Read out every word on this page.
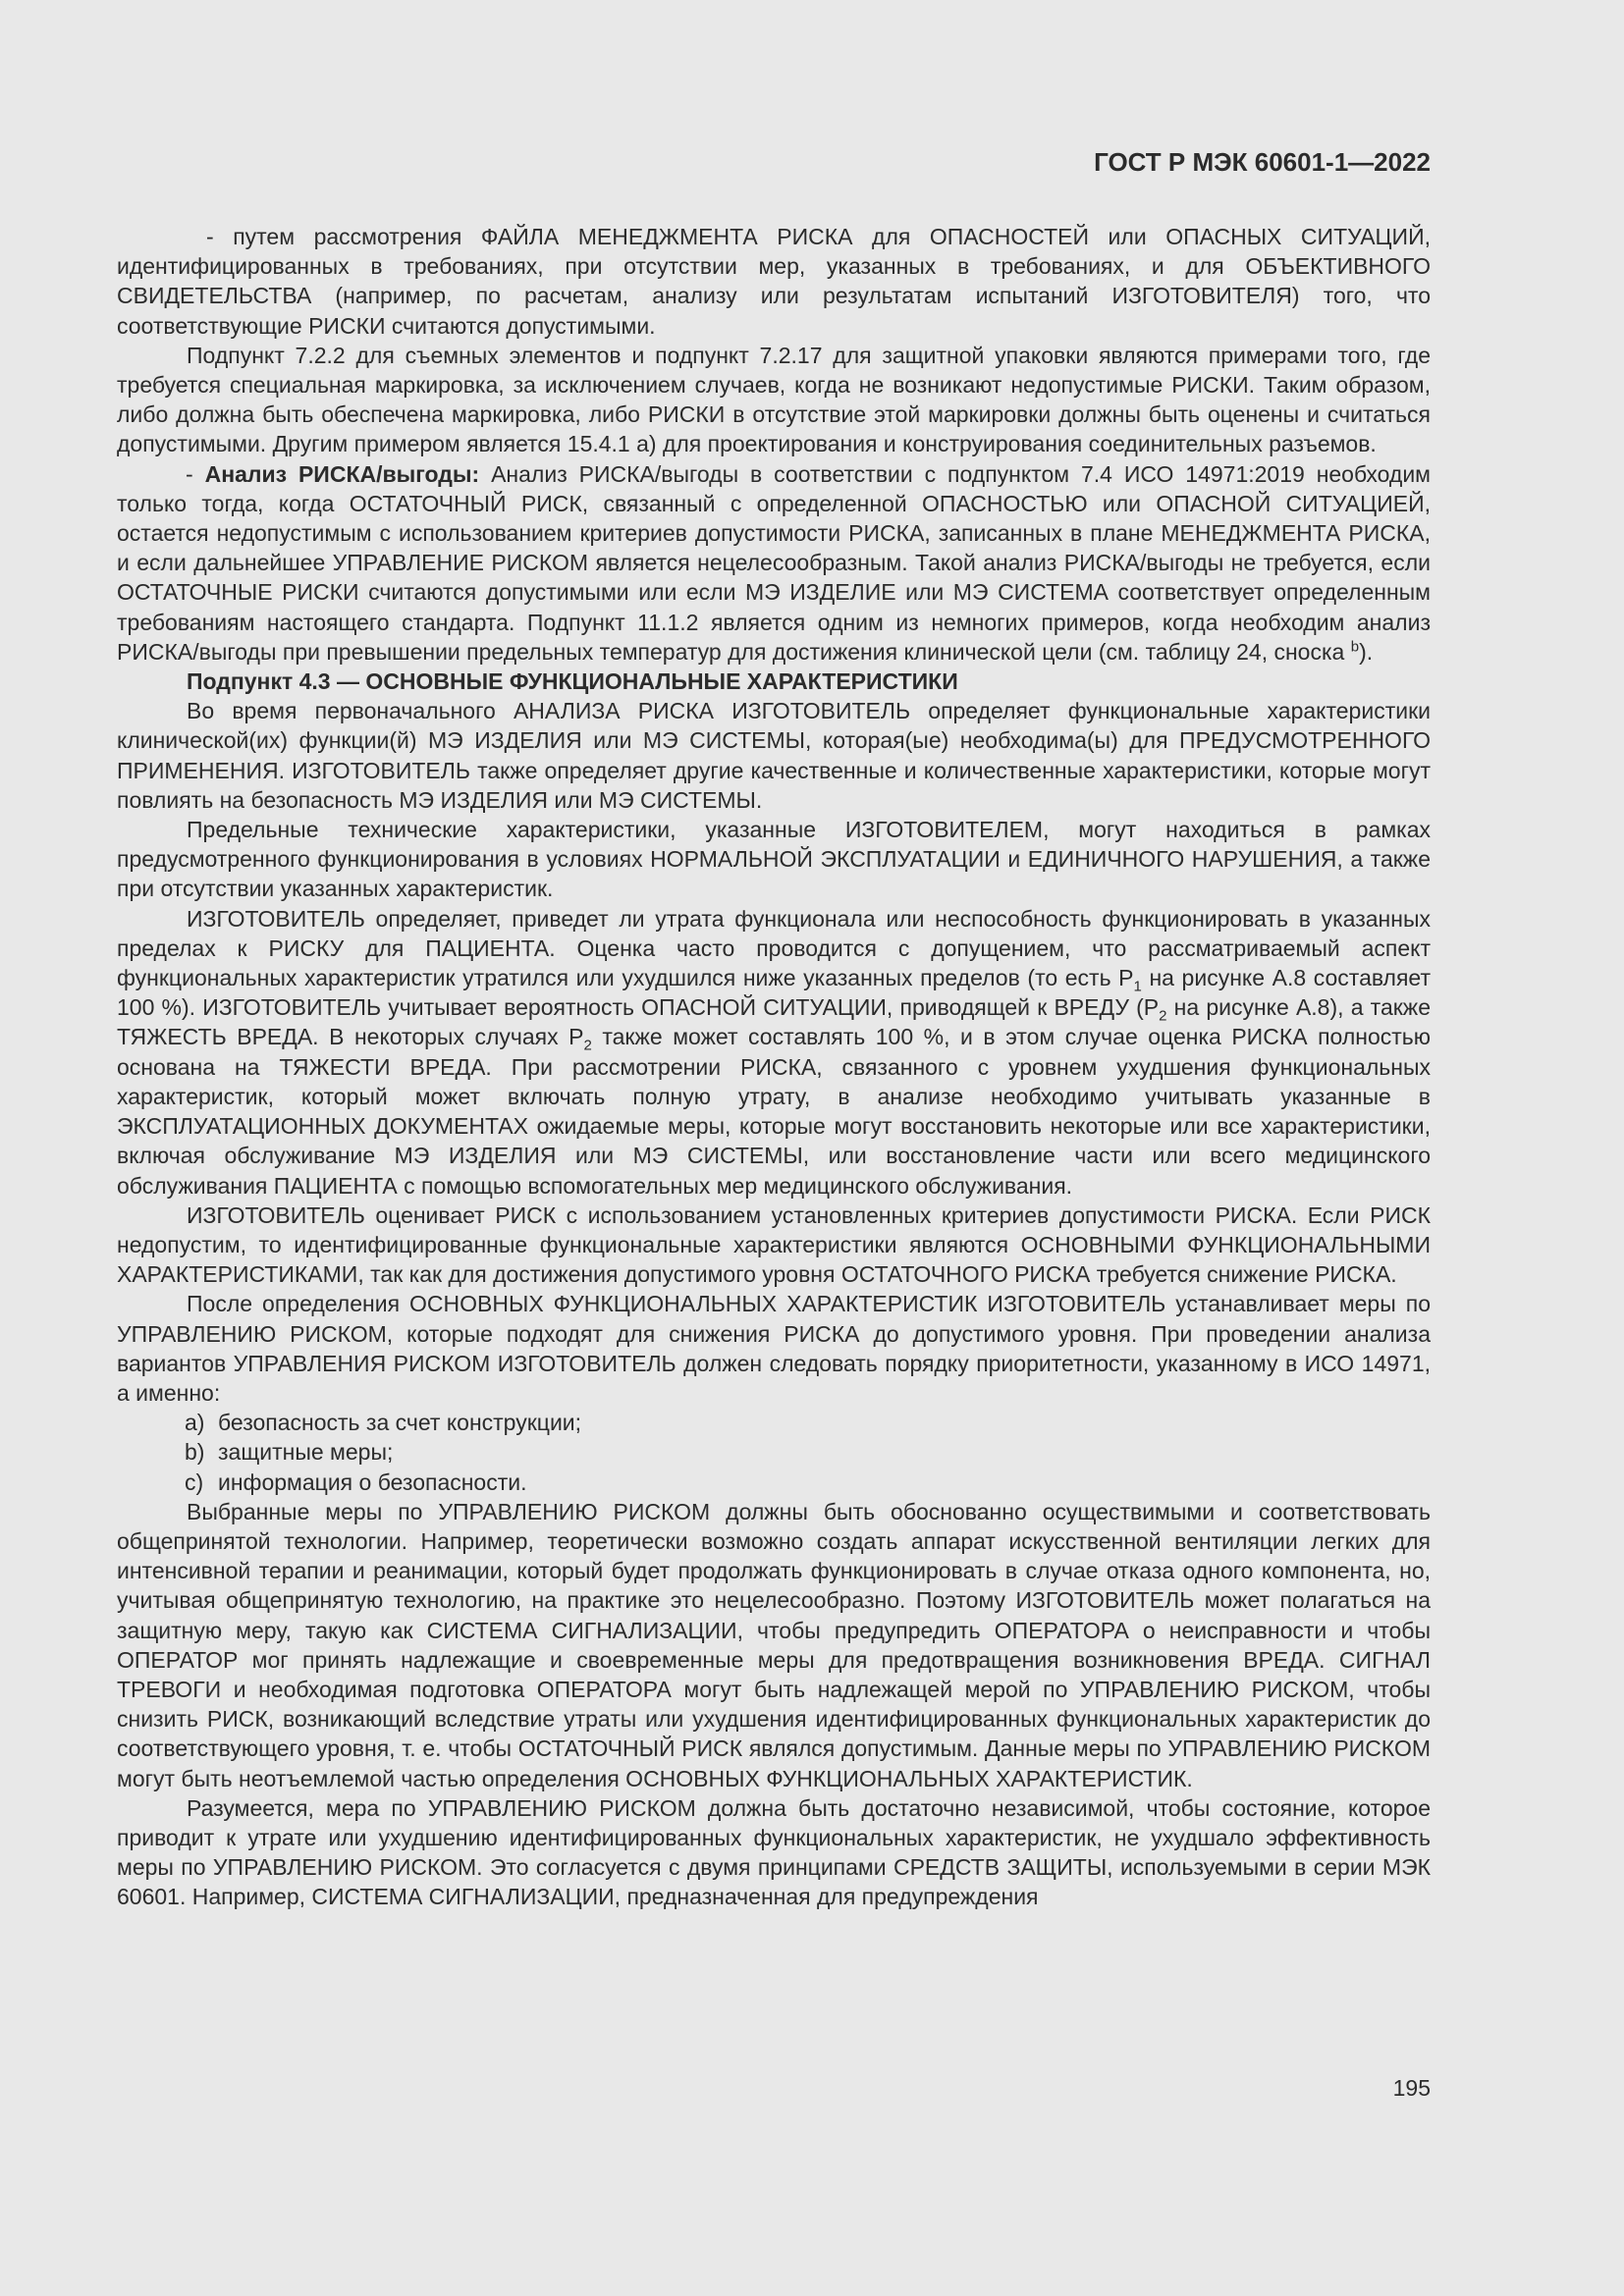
ГОСТ Р МЭК 60601-1—2022

- путем рассмотрения ФАЙЛА МЕНЕДЖМЕНТА РИСКА для ОПАСНОСТЕЙ или ОПАСНЫХ СИТУАЦИЙ, идентифицированных в требованиях, при отсутствии мер, указанных в требованиях, и для ОБЪЕКТИВНОГО СВИДЕТЕЛЬСТВА (например, по расчетам, анализу или результатам испытаний ИЗГОТОВИТЕЛЯ) того, что соответствующие РИСКИ считаются допустимыми.

Подпункт 7.2.2 для съемных элементов и подпункт 7.2.17 для защитной упаковки являются примерами того, где требуется специальная маркировка, за исключением случаев, когда не возникают недопустимые РИСКИ. Таким образом, либо должна быть обеспечена маркировка, либо РИСКИ в отсутствие этой маркировки должны быть оценены и считаться допустимыми. Другим примером является 15.4.1 а) для проектирования и конструирования соединительных разъемов.

- Анализ РИСКА/выгоды: Анализ РИСКА/выгоды в соответствии с подпунктом 7.4 ИСО 14971:2019 необходим только тогда, когда ОСТАТОЧНЫЙ РИСК, связанный с определенной ОПАСНОСТЬЮ или ОПАСНОЙ СИТУАЦИЕЙ, остается недопустимым с использованием критериев допустимости РИСКА, записанных в плане МЕНЕДЖМЕНТА РИСКА, и если дальнейшее УПРАВЛЕНИЕ РИСКОМ является нецелесообразным. Такой анализ РИСКА/выгоды не требуется, если ОСТАТОЧНЫЕ РИСКИ считаются допустимыми или если МЭ ИЗДЕЛИЕ или МЭ СИСТЕМА соответствует определенным требованиям настоящего стандарта. Подпункт 11.1.2 является одним из немногих примеров, когда необходим анализ РИСКА/выгоды при превышении предельных температур для достижения клинической цели (см. таблицу 24, сноска $^b$).

Подпункт 4.3 — ОСНОВНЫЕ ФУНКЦИОНАЛЬНЫЕ ХАРАКТЕРИСТИКИ

Во время первоначального АНАЛИЗА РИСКА ИЗГОТОВИТЕЛЬ определяет функциональные характеристики клинической(их) функции(й) МЭ ИЗДЕЛИЯ или МЭ СИСТЕМЫ, которая(ые) необходима(ы) для ПРЕДУСМОТРЕННОГО ПРИМЕНЕНИЯ. ИЗГОТОВИТЕЛЬ также определяет другие качественные и количественные характеристики, которые могут повлиять на безопасность МЭ ИЗДЕЛИЯ или МЭ СИСТЕМЫ.

Предельные технические характеристики, указанные ИЗГОТОВИТЕЛЕМ, могут находиться в рамках предусмотренного функционирования в условиях НОРМАЛЬНОЙ ЭКСПЛУАТАЦИИ и ЕДИНИЧНОГО НАРУШЕНИЯ, а также при отсутствии указанных характеристик.

ИЗГОТОВИТЕЛЬ определяет, приведет ли утрата функционала или неспособность функционировать в указанных пределах к РИСКУ для ПАЦИЕНТА. Оценка часто проводится с допущением, что рассматриваемый аспект функциональных характеристик утратился или ухудшился ниже указанных пределов (то есть $P_1$ на рисунке А.8 составляет 100 %). ИЗГОТОВИТЕЛЬ учитывает вероятность ОПАСНОЙ СИТУАЦИИ, приводящей к ВРЕДУ ($P_2$ на рисунке А.8), а также ТЯЖЕСТЬ ВРЕДА. В некоторых случаях $P_2$ также может составлять 100 %, и в этом случае оценка РИСКА полностью основана на ТЯЖЕСТИ ВРЕДА. При рассмотрении РИСКА, связанного с уровнем ухудшения функциональных характеристик, который может включать полную утрату, в анализе необходимо учитывать указанные в ЭКСПЛУАТАЦИОННЫХ ДОКУМЕНТАХ ожидаемые меры, которые могут восстановить некоторые или все характеристики, включая обслуживание МЭ ИЗДЕЛИЯ или МЭ СИСТЕМЫ, или восстановление части или всего медицинского обслуживания ПАЦИЕНТА с помощью вспомогательных мер медицинского обслуживания.

ИЗГОТОВИТЕЛЬ оценивает РИСК с использованием установленных критериев допустимости РИСКА. Если РИСК недопустим, то идентифицированные функциональные характеристики являются ОСНОВНЫМИ ФУНКЦИОНАЛЬНЫМИ ХАРАКТЕРИСТИКАМИ, так как для достижения допустимого уровня ОСТАТОЧНОГО РИСКА требуется снижение РИСКА.

После определения ОСНОВНЫХ ФУНКЦИОНАЛЬНЫХ ХАРАКТЕРИСТИК ИЗГОТОВИТЕЛЬ устанавливает меры по УПРАВЛЕНИЮ РИСКОМ, которые подходят для снижения РИСКА до допустимого уровня. При проведении анализа вариантов УПРАВЛЕНИЯ РИСКОМ ИЗГОТОВИТЕЛЬ должен следовать порядку приоритетности, указанному в ИСО 14971, а именно:

a) безопасность за счет конструкции;

b) защитные меры;

c) информация о безопасности.

Выбранные меры по УПРАВЛЕНИЮ РИСКОМ должны быть обоснованно осуществимыми и соответствовать общепринятой технологии. Например, теоретически возможно создать аппарат искусственной вентиляции легких для интенсивной терапии и реанимации, который будет продолжать функционировать в случае отказа одного компонента, но, учитывая общепринятую технологию, на практике это нецелесообразно. Поэтому ИЗГОТОВИТЕЛЬ может полагаться на защитную меру, такую как СИСТЕМА СИГНАЛИЗАЦИИ, чтобы предупредить ОПЕРАТОРА о неисправности и чтобы ОПЕРАТОР мог принять надлежащие и своевременные меры для предотвращения возникновения ВРЕДА. СИГНАЛ ТРЕВОГИ и необходимая подготовка ОПЕРАТОРА могут быть надлежащей мерой по УПРАВЛЕНИЮ РИСКОМ, чтобы снизить РИСК, возникающий вследствие утраты или ухудшения идентифицированных функциональных характеристик до соответствующего уровня, т. е. чтобы ОСТАТОЧНЫЙ РИСК являлся допустимым. Данные меры по УПРАВЛЕНИЮ РИСКОМ могут быть неотъемлемой частью определения ОСНОВНЫХ ФУНКЦИОНАЛЬНЫХ ХАРАКТЕРИСТИК.

Разумеется, мера по УПРАВЛЕНИЮ РИСКОМ должна быть достаточно независимой, чтобы состояние, которое приводит к утрате или ухудшению идентифицированных функциональных характеристик, не ухудшало эффективность меры по УПРАВЛЕНИЮ РИСКОМ. Это согласуется с двумя принципами СРЕДСТВ ЗАЩИТЫ, используемыми в серии МЭК 60601. Например, СИСТЕМА СИГНАЛИЗАЦИИ, предназначенная для предупреждения

195
